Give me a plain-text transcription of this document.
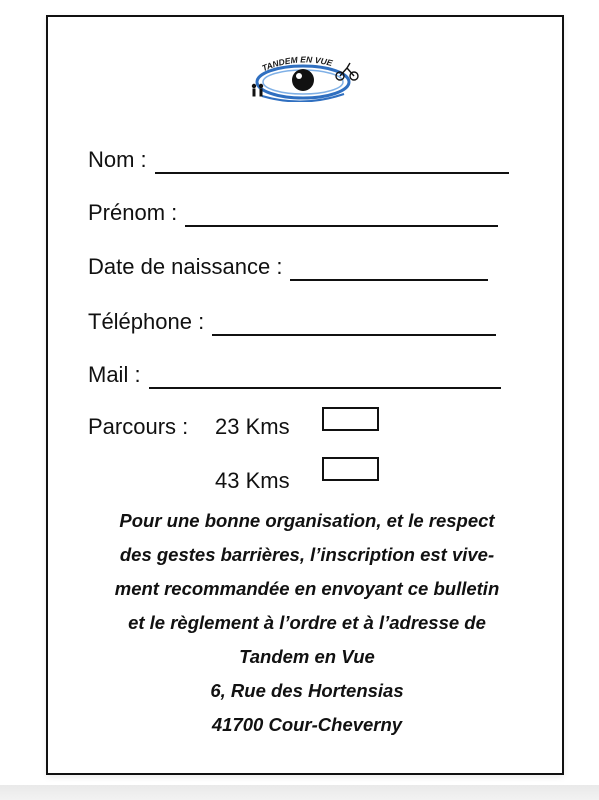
TANDEM EN VUE
Nom :
Prénom :
Date de naissance :
Téléphone :
Mail :
Parcours : 23 Kms
43 Kms
Pour une bonne organisation, et le respect
des gestes barrières, l’inscription est vive-
ment recommandée en envoyant ce bulletin
et le règlement à l’ordre et à l’adresse de
Tandem en Vue
6, Rue des Hortensias
41700 Cour-Cheverny
